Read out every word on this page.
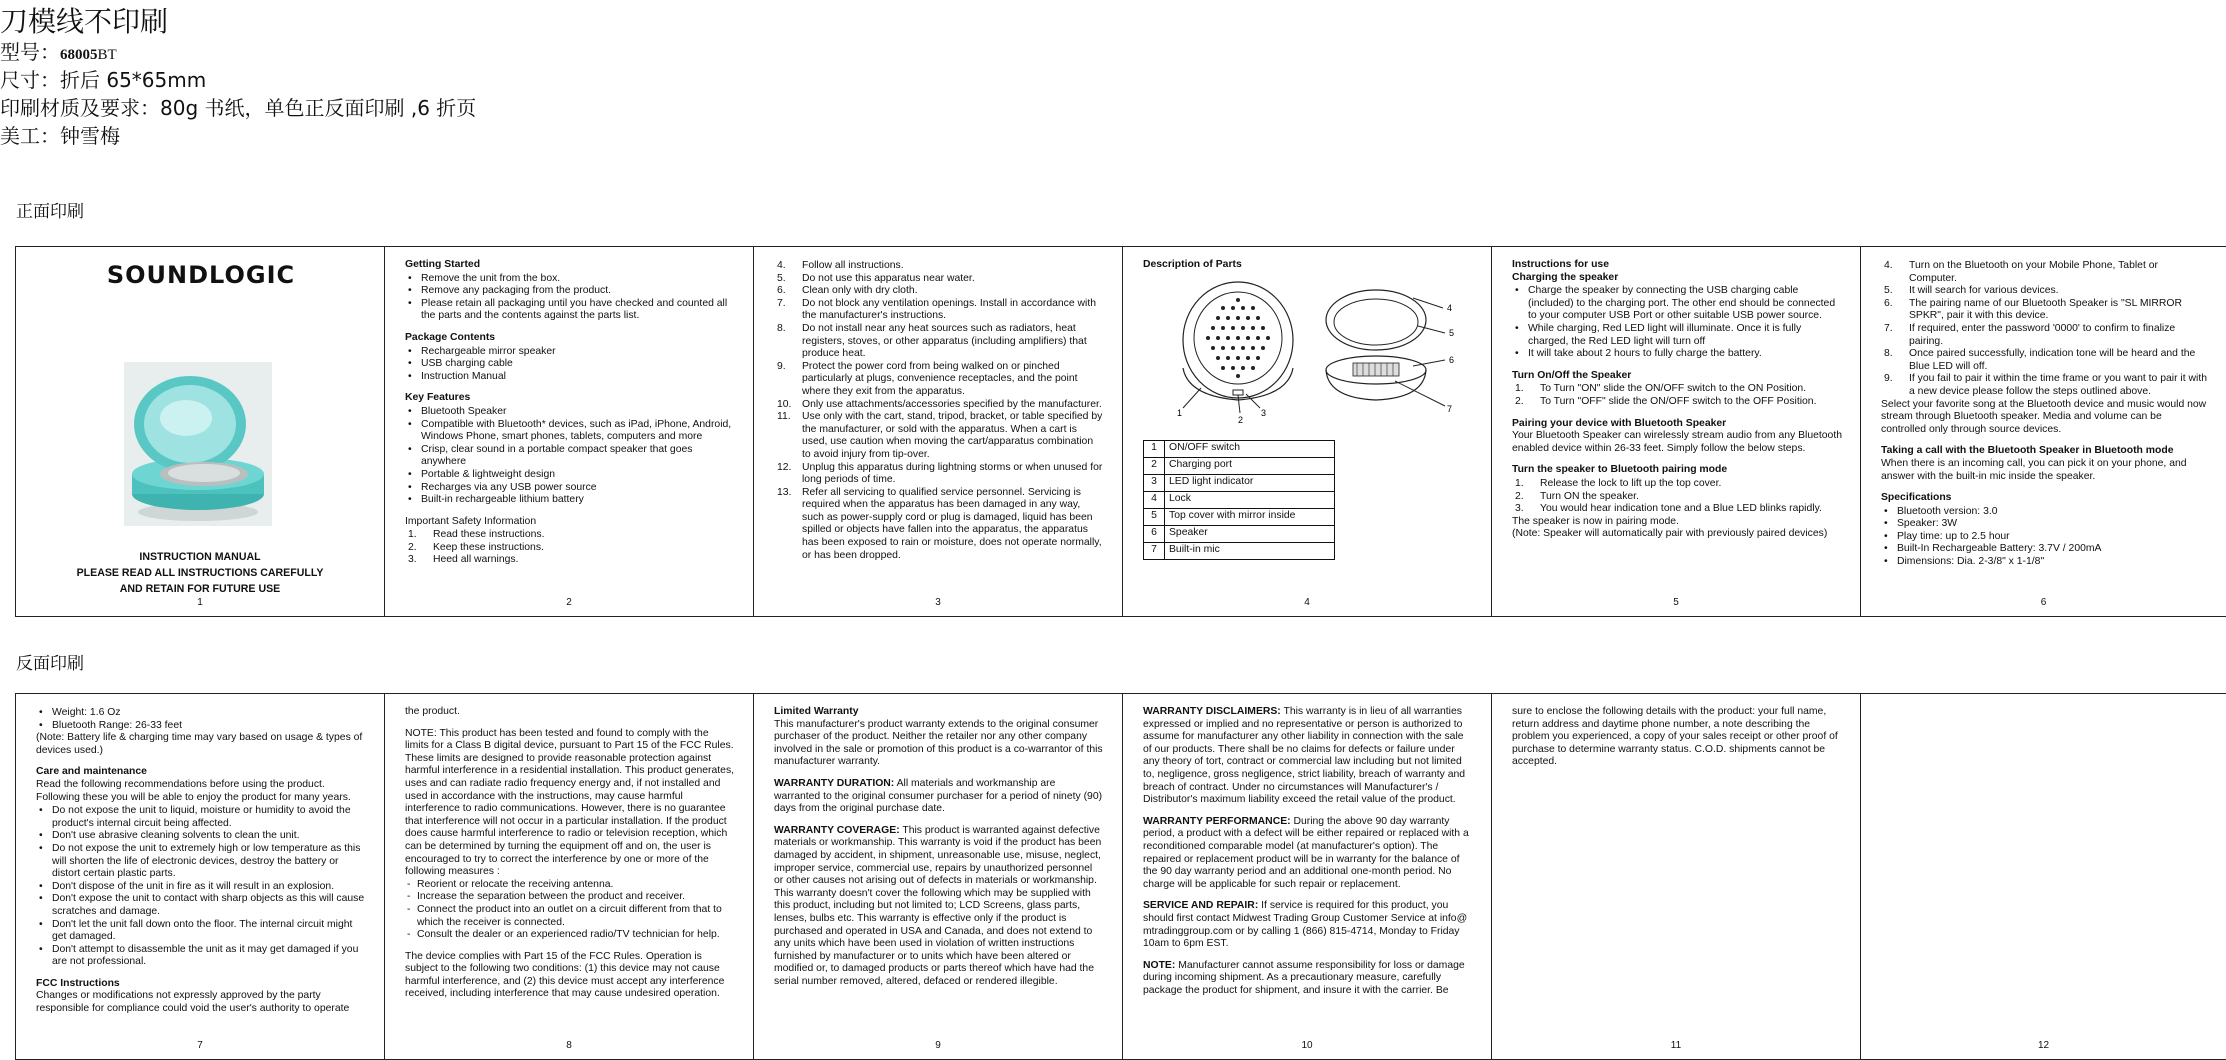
刀模线不印刷
型号：68005BT
尺寸：折后 65*65mm
印刷材质及要求：80g 书纸，单色正反面印刷 ,6 折页
美工：钟雪梅
正面印刷
反面印刷
SOUNDLOGIC
INSTRUCTION MANUAL
PLEASE READ ALL INSTRUCTIONS CAREFULLY
AND RETAIN FOR FUTURE USE
1
Getting Started
• Remove the unit from the box.
• Remove any packaging from the product.
• Please retain all packaging until you have checked and counted all the parts and the contents against the parts list.
Package Contents
• Rechargeable mirror speaker
• USB charging cable
• Instruction Manual
Key Features
• Bluetooth Speaker
• Compatible with Bluetooth* devices, such as iPad, iPhone, Android, Windows Phone, smart phones, tablets, computers and more
• Crisp, clear sound in a portable compact speaker that goes anywhere
• Portable & lightweight design
• Recharges via any USB power source
• Built-in rechargeable lithium battery

Important Safety Information

1. Read these instructions.
2. Keep these instructions.
3. Heed all warnings.
2
4. Follow all instructions.
5. Do not use this apparatus near water.
6. Clean only with dry cloth.
7. Do not block any ventilation openings. Install in accordance with the manufacturer's instructions.
8. Do not install near any heat sources such as radiators, heat registers, stoves, or other apparatus (including amplifiers) that produce heat.
9. Protect the power cord from being walked on or pinched particularly at plugs, convenience receptacles, and the point where they exit from the apparatus.
10. Only use attachments/accessories specified by the manufacturer.
11. Use only with the cart, stand, tripod, bracket, or table specified by the manufacturer, or sold with the apparatus. When a cart is used, use caution when moving the cart/apparatus combination to avoid injury from tip-over.
12. Unplug this apparatus during lightning storms or when unused for long periods of time.
13. Refer all servicing to qualified service personnel. Servicing is required when the apparatus has been damaged in any way, such as power-supply cord or plug is damaged, liquid has been spilled or objects have fallen into the apparatus, the apparatus has been exposed to rain or moisture, does not operate normally, or has been dropped.
3
Description of Parts
1
2
3
4
5
6
7
1	ON/OFF switch
2	Charging port
3	LED light indicator
4	Lock
5	Top cover with mirror inside
6	Speaker
7	Built-in mic
4
Instructions for use
Charging the speaker
• Charge the speaker by connecting the USB charging cable (included) to the charging port. The other end should be connected to your computer USB Port or other suitable USB power source.
• While charging, Red LED light will illuminate. Once it is fully charged, the Red LED light will turn off
• It will take about 2 hours to fully charge the battery.
Turn On/Off the Speaker
1. To Turn "ON" slide the ON/OFF switch to the ON Position.
2. To Turn "OFF" slide the ON/OFF switch to the OFF Position.
Pairing your device with Bluetooth Speaker
Your Bluetooth Speaker can wirelessly stream audio from any Bluetooth enabled device within 26-33 feet. Simply follow the below steps.
Turn the speaker to Bluetooth pairing mode
1. Release the lock to lift up the top cover.
2. Turn ON the speaker.
3. You would hear indication tone and a Blue LED blinks rapidly.
The speaker is now in pairing mode.
(Note: Speaker will automatically pair with previously paired devices)
5
4. Turn on the Bluetooth on your Mobile Phone, Tablet or Computer.
5. It will search for various devices.
6. The pairing name of our Bluetooth Speaker is "SL MIRROR SPKR", pair it with this device.
7. If required, enter the password '0000' to confirm to finalize pairing.
8. Once paired successfully, indication tone will be heard and the Blue LED will off.
9. If you fail to pair it within the time frame or you want to pair it with a new device please follow the steps outlined above.
Select your favorite song at the Bluetooth device and music would now stream through Bluetooth speaker. Media and volume can be controlled only through source devices.
Taking a call with the Bluetooth Speaker in Bluetooth mode
When there is an incoming call, you can pick it on your phone, and answer with the built-in mic inside the speaker.
Specifications
• Bluetooth version: 3.0
• Speaker: 3W
• Play time: up to 2.5 hour
• Built-In Rechargeable Battery: 3.7V / 200mA
• Dimensions: Dia. 2-3/8" x 1-1/8"
6
• Weight: 1.6 Oz
• Bluetooth Range: 26-33 feet
(Note: Battery life & charging time may vary based on usage & types of devices used.)
Care and maintenance
Read the following recommendations before using the product. Following these you will be able to enjoy the product for many years.
• Do not expose the unit to liquid, moisture or humidity to avoid the product's internal circuit being affected.
• Don't use abrasive cleaning solvents to clean the unit.
• Do not expose the unit to extremely high or low temperature as this will shorten the life of electronic devices, destroy the battery or distort certain plastic parts.
• Don't dispose of the unit in fire as it will result in an explosion.
• Don't expose the unit to contact with sharp objects as this will cause scratches and damage.
• Don't let the unit fall down onto the floor. The internal circuit might get damaged.
• Don't attempt to disassemble the unit as it may get damaged if you are not professional.
FCC Instructions
Changes or modifications not expressly approved by the party responsible for compliance could void the user's authority to operate
7
the product.

NOTE: This product has been tested and found to comply with the limits for a Class B digital device, pursuant to Part 15 of the FCC Rules. These limits are designed to provide reasonable protection against harmful interference in a residential installation. This product generates, uses and can radiate radio frequency energy and, if not installed and used in accordance with the instructions, may cause harmful interference to radio communications. However, there is no guarantee that interference will not occur in a particular installation. If the product does cause harmful interference to radio or television reception, which can be determined by turning the equipment off and on, the user is encouraged to try to correct the interference by one or more of the following measures :

- Reorient or relocate the receiving antenna.
- Increase the separation between the product and receiver.
- Connect the product into an outlet on a circuit different from that to which the receiver is connected.
- Consult the dealer or an experienced radio/TV technician for help.

The device complies with Part 15 of the FCC Rules. Operation is subject to the following two conditions: (1) this device may not cause harmful interference, and (2) this device must accept any interference received, including interference that may cause undesired operation.

8
Limited Warranty
This manufacturer's product warranty extends to the original consumer purchaser of the product. Neither the retailer nor any other company involved in the sale or promotion of this product is a co-warrantor of this manufacturer warranty.

WARRANTY DURATION: All materials and workmanship are warranted to the original consumer purchaser for a period of ninety (90) days from the original purchase date.

WARRANTY COVERAGE: This product is warranted against defective materials or workmanship. This warranty is void if the product has been damaged by accident, in shipment, unreasonable use, misuse, neglect, improper service, commercial use, repairs by unauthorized personnel or other causes not arising out of defects in materials or workmanship. This warranty doesn't cover the following which may be supplied with this product, including but not limited to; LCD Screens, glass parts, lenses, bulbs etc. This warranty is effective only if the product is purchased and operated in USA and Canada, and does not extend to any units which have been used in violation of written instructions furnished by manufacturer or to units which have been altered or modified or, to damaged products or parts thereof which have had the serial number removed, altered, defaced or rendered illegible.

9

WARRANTY DISCLAIMERS: This warranty is in lieu of all warranties expressed or implied and no representative or person is authorized to assume for manufacturer any other liability in connection with the sale of our products. There shall be no claims for defects or failure under any theory of tort, contract or commercial law including but not limited to, negligence, gross negligence, strict liability, breach of warranty and breach of contract. Under no circumstances will Manufacturer's / Distributor's maximum liability exceed the retail value of the product.

WARRANTY PERFORMANCE: During the above 90 day warranty period, a product with a defect will be either repaired or replaced with a reconditioned comparable model (at manufacturer's option). The repaired or replacement product will be in warranty for the balance of the 90 day warranty period and an additional one-month period. No charge will be applicable for such repair or replacement.

SERVICE AND REPAIR: If service is required for this product, you should first contact Midwest Trading Group Customer Service at info@ mtradinggroup.com or by calling 1 (866) 815-4714, Monday to Friday 10am to 6pm EST.

NOTE: Manufacturer cannot assume responsibility for loss or damage during incoming shipment. As a precautionary measure, carefully package the product for shipment, and insure it with the carrier. Be

10
sure to enclose the following details with the product: your full name, return address and daytime phone number, a note describing the problem you experienced, a copy of your sales receipt or other proof of purchase to determine warranty status. C.O.D. shipments cannot be accepted.
11	12
